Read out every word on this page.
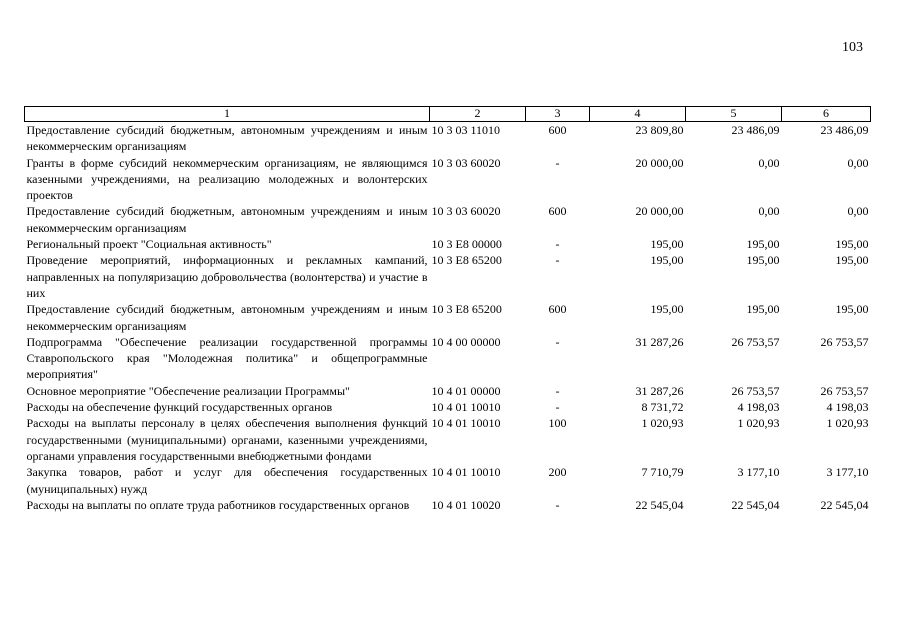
103
1	2	3	4	5	6
Предоставление субсидий бюджетным, автономным учреждениям и иным некоммерческим организациям	10 3 03 11010	600	23 809,80	23 486,09	23 486,09
Гранты в форме субсидий некоммерческим организациям, не являющимся казенными учреждениями, на реализацию молодежных и волонтерских проектов	10 3 03 60020	-	20 000,00	0,00	0,00
Предоставление субсидий бюджетным, автономным учреждениям и иным некоммерческим организациям	10 3 03 60020	600	20 000,00	0,00	0,00
Региональный проект "Социальная активность"	10 3 E8 00000	-	195,00	195,00	195,00
Проведение мероприятий, информационных и рекламных кампаний, направленных на популяризацию добровольчества (волонтерства) и участие в них	10 3 E8 65200	-	195,00	195,00	195,00
Предоставление субсидий бюджетным, автономным учреждениям и иным некоммерческим организациям	10 3 E8 65200	600	195,00	195,00	195,00
Подпрограмма "Обеспечение реализации государственной программы Ставропольского края "Молодежная политика" и общепрограммные мероприятия"	10 4 00 00000	-	31 287,26	26 753,57	26 753,57
Основное мероприятие "Обеспечение реализации Программы"	10 4 01 00000	-	31 287,26	26 753,57	26 753,57
Расходы на обеспечение функций государственных органов	10 4 01 10010	-	8 731,72	4 198,03	4 198,03
Расходы на выплаты персоналу в целях обеспечения выполнения функций государственными (муниципальными) органами, казенными учреждениями, органами управления государственными внебюджетными фондами	10 4 01 10010	100	1 020,93	1 020,93	1 020,93
Закупка товаров, работ и услуг для обеспечения государственных (муниципальных) нужд	10 4 01 10010	200	7 710,79	3 177,10	3 177,10
Расходы на выплаты по оплате труда работников государственных органов	10 4 01 10020	-	22 545,04	22 545,04	22 545,04
